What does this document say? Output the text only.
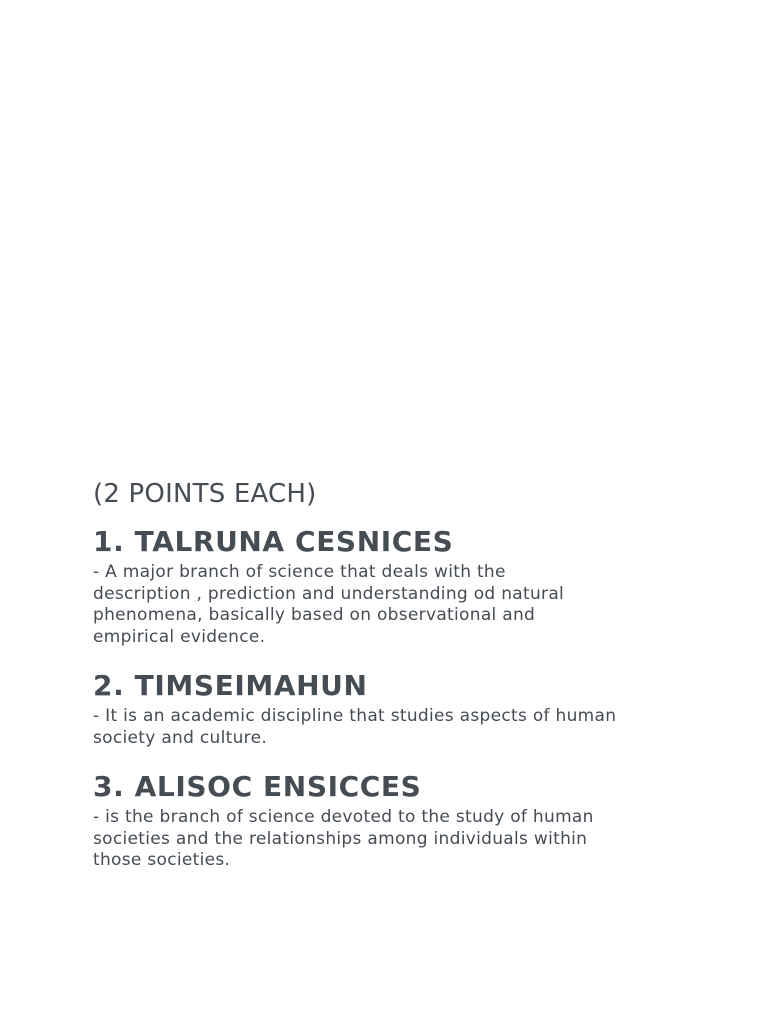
(2 POINTS EACH)
1. TALRUNA CESNICES
- A major branch of science that deals with the
description , prediction and understanding od natural
phenomena, basically based on observational and
empirical evidence.
2. TIMSEIMAHUN
- It is an academic discipline that studies aspects of human
society and culture.
3. ALISOC ENSICCES
- is the branch of science devoted to the study of human
societies and the relationships among individuals within
those societies.
